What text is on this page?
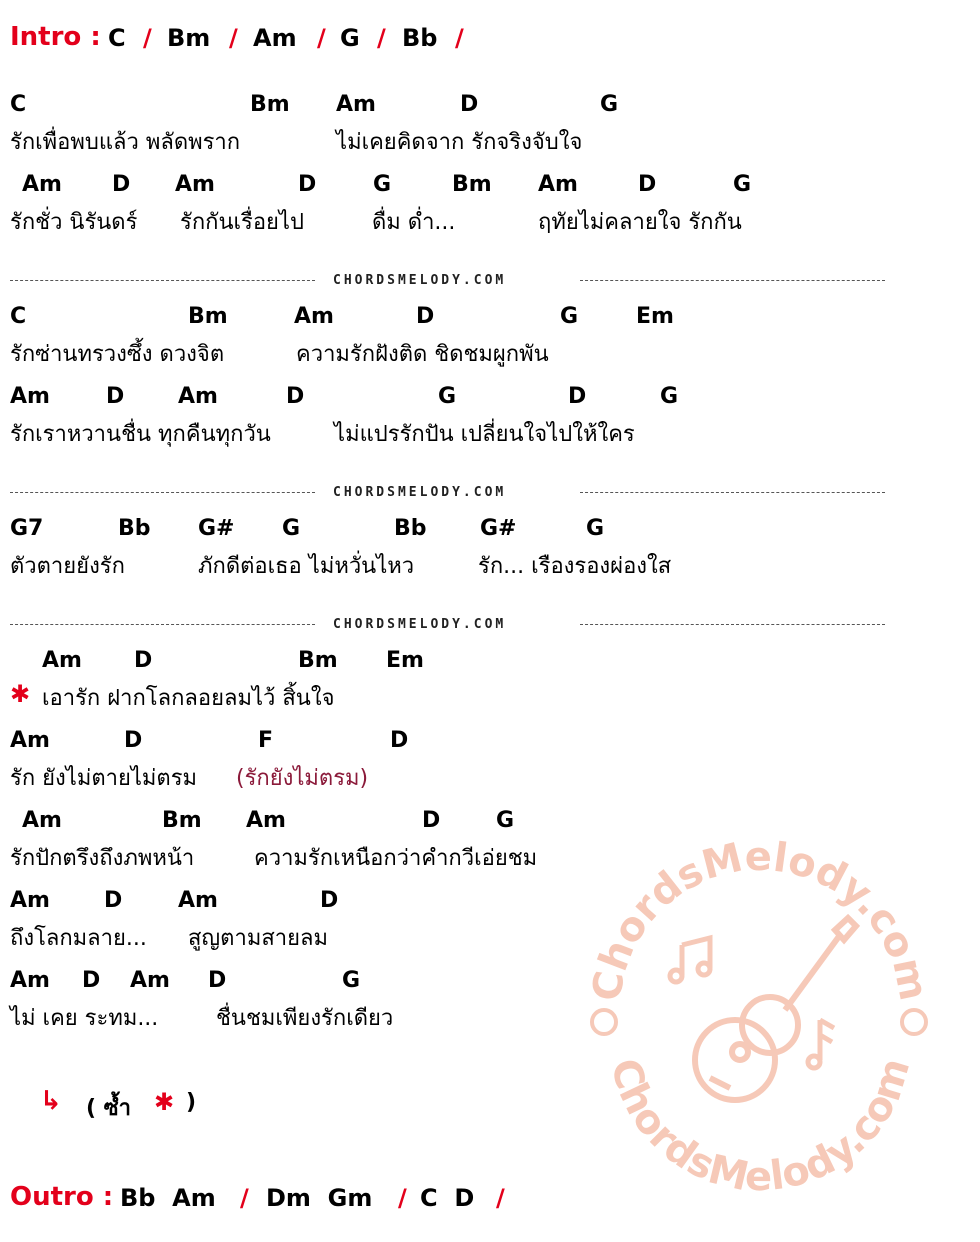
Intro : C / Bm / Am / G / Bb /
C	Bm Am	D	G
รักเพื่อพบแล้ว พลัดพราก	ไม่เคยคิดจาก รักจริงจับใจ
Am D Am	D	G	Bm Am	D	G
รักชั่ว นิรันดร์ รักกันเรื่อยไป	ดื่ม ด่ำ...	ฤทัยไม่คลายใจ รักกัน
CHORDSMELODY.COM
C	Bm	Am	D	G	Em
รักซ่านทรวงซึ้ง ดวงจิต	ความรักฝังติด ชิดชมผูกพัน
Am	D Am	D	G	D	G
รักเราหวานชื่น ทุกคืนทุกวัน	ไม่แปรรักปัน เปลี่ยนใจไปให้ใคร
CHORDSMELODY.COM
G7	Bb G# G	Bb G#	G
ตัวตายยังรัก	ภักดีต่อเธอ ไม่หวั่นไหว	รัก... เรืองรองผ่องใส
CHORDSMELODY.COM
Am D	Bm Em
✱ เอารัก ฝากโลกลอยลมไว้ สิ้นใจ
Am	D	F	D
รัก ยังไม่ตายไม่ตรม (รักยังไม่ตรม)
Am	Bm Am	D	G
รักปักตรึงถึงภพหน้า	ความรักเหนือกว่าคำกวีเอ่ยชม
Am D	Am	D
ถึงโลกมลาย... สูญตามสายลม
Am D Am D	G
ไม่ เคย ระทม...	ชื่นชมเพียงรักเดียว
↳ ( ซ้ำ ✱ )
Outro : Bb  Am / Dm  Gm / C  D /
ChordsMelody.com
ChordsMelody.com
